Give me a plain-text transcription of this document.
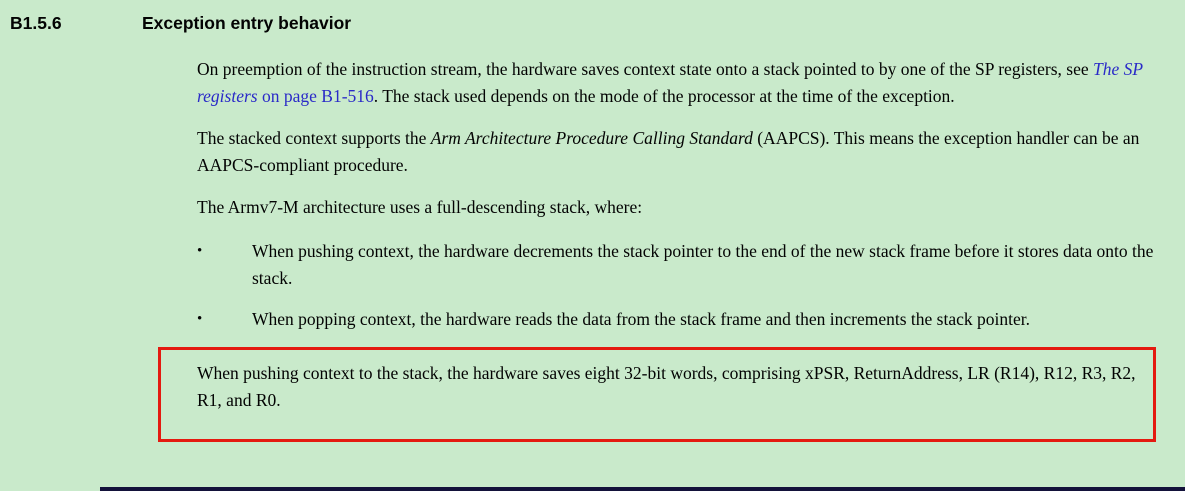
B1.5.6	Exception entry behavior

On preemption of the instruction stream, the hardware saves context state onto a stack pointed to by one of the SP registers, see The SP registers on page B1-516. The stack used depends on the mode of the processor at the time of the exception.

The stacked context supports the Arm Architecture Procedure Calling Standard (AAPCS). This means the exception handler can be an AAPCS-compliant procedure.

The Armv7-M architecture uses a full-descending stack, where:

•	When pushing context, the hardware decrements the stack pointer to the end of the new stack frame before it stores data onto the stack.
•	When popping context, the hardware reads the data from the stack frame and then increments the stack pointer.

When pushing context to the stack, the hardware saves eight 32-bit words, comprising xPSR, ReturnAddress, LR (R14), R12, R3, R2, R1, and R0.
